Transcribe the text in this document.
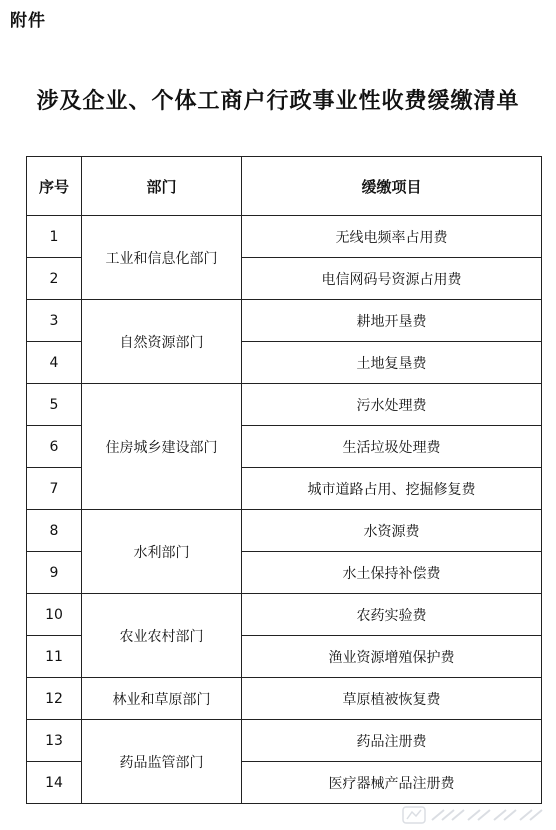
附件
涉及企业、个体工商户行政事业性收费缓缴清单
序号	部门	缓缴项目
1	工业和信息化部门	无线电频率占用费
2		电信网码号资源占用费
3	自然资源部门	耕地开垦费
4		土地复垦费
5	住房城乡建设部门	污水处理费
6		生活垃圾处理费
7		城市道路占用、挖掘修复费
8	水利部门	水资源费
9		水土保持补偿费
10	农业农村部门	农药实验费
11		渔业资源增殖保护费
12	林业和草原部门	草原植被恢复费
13	药品监管部门	药品注册费
14		医疗器械产品注册费
